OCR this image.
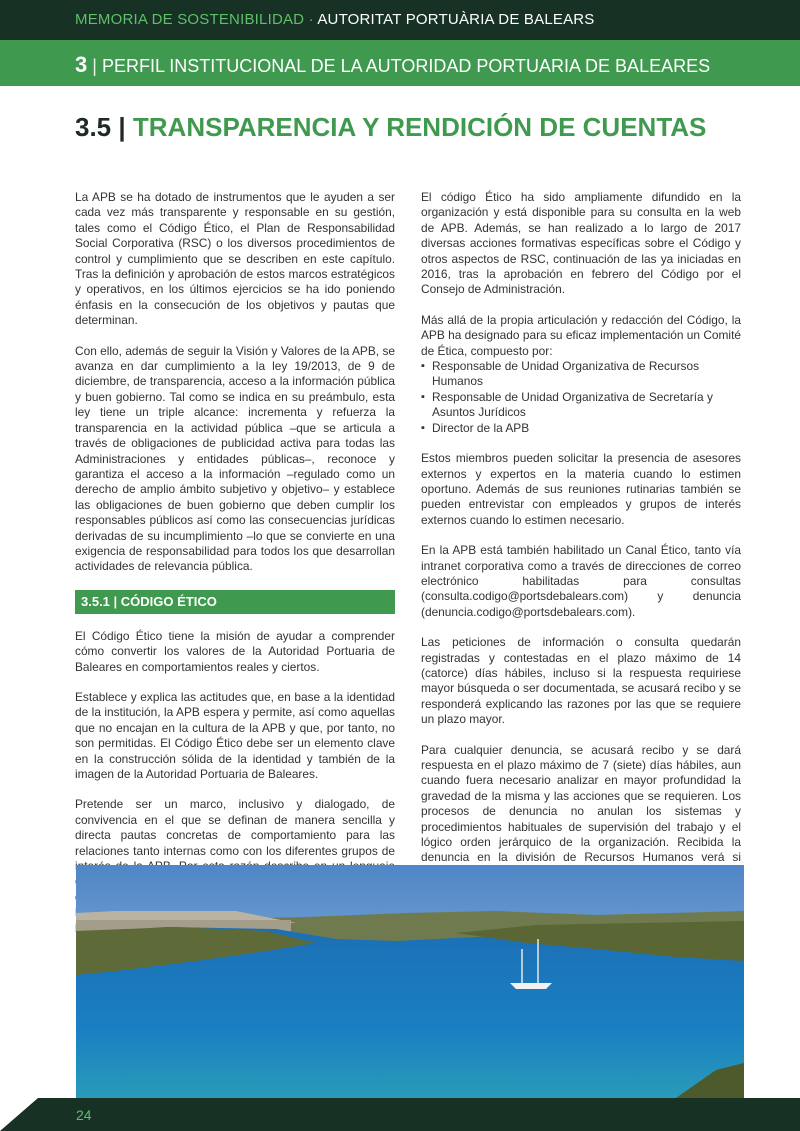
MEMORIA DE SOSTENIBILIDAD · AUTORITAT PORTUÀRIA DE BALEARS
3 | PERFIL INSTITUCIONAL DE LA AUTORIDAD PORTUARIA DE BALEARES
3.5 | TRANSPARENCIA Y RENDICIÓN DE CUENTAS

La APB se ha dotado de instrumentos que le ayuden a ser cada vez más transparente y responsable en su gestión, tales como el Código Ético, el Plan de Responsabilidad Social Corporativa (RSC) o los diversos procedimientos de control y cumplimiento que se describen en este capítulo. Tras la definición y aprobación de estos marcos estratégicos y operativos, en los últimos ejercicios se ha ido poniendo énfasis en la consecución de los objetivos y pautas que determinan.

Con ello, además de seguir la Visión y Valores de la APB, se avanza en dar cumplimiento a la ley 19/2013, de 9 de diciembre, de transparencia, acceso a la información pública y buen gobierno. Tal como se indica en su preámbulo, esta ley tiene un triple alcance: incrementa y refuerza la transparencia en la actividad pública –que se articula a través de obligaciones de publicidad activa para todas las Administraciones y entidades públicas–, reconoce y garantiza el acceso a la información –regulado como un derecho de amplio ámbito subjetivo y objetivo– y establece las obligaciones de buen gobierno que deben cumplir los responsables públicos así como las consecuencias jurídicas derivadas de su incumplimiento –lo que se convierte en una exigencia de responsabilidad para todos los que desarrollan actividades de relevancia pública.

3.5.1 | CÓDIGO ÉTICO

El Código Ético tiene la misión de ayudar a comprender cómo convertir los valores de la Autoridad Portuaria de Baleares en comportamientos reales y ciertos.

Establece y explica las actitudes que, en base a la identidad de la institución, la APB espera y permite, así como aquellas que no encajan en la cultura de la APB y que, por tanto, no son permitidas. El Código Ético debe ser un elemento clave en la construcción sólida de la identidad y también de la imagen de la Autoridad Portuaria de Baleares.

Pretende ser un marco, inclusivo y dialogado, de convivencia en el que se definan de manera sencilla y directa pautas concretas de comportamiento para las relaciones tanto internas como con los diferentes grupos de

El código Ético ha sido ampliamente difundido en la organización y está disponible para su consulta en la web de APB. Además, se han realizado a lo largo de 2017 diversas acciones formativas específicas sobre el Código y otros aspectos de RSC, continuación de las ya iniciadas en 2016, tras la aprobación en febrero del Código por el Consejo de Administración.

Más allá de la propia articulación y redacción del Código, la APB ha designado para su eficaz implementación un Comité de Ética, compuesto por:

▪ Responsable de Unidad Organizativa de Recursos Humanos
▪ Responsable de Unidad Organizativa de Secretaría y Asuntos Jurídicos
▪ Director de la APB

Estos miembros pueden solicitar la presencia de asesores externos y expertos en la materia cuando lo estimen oportuno. Además de sus reuniones rutinarias también se pueden entrevistar con empleados y grupos de interés externos cuando lo estimen necesario.

En la APB está también habilitado un Canal Ético, tanto vía intranet corporativa como a través de direcciones de correo electrónico habilitadas para consultas (consulta.codigo@portsdebalears.com) y denuncia (denuncia.codigo@portsdebalears.com).

Las peticiones de información o consulta quedarán registradas y contestadas en el plazo máximo de 14 (catorce) días hábiles, incluso si la respuesta requiriese mayor búsqueda o ser documentada, se acusará recibo y se responderá explicando las razones por las que se requiere un plazo mayor.

Para cualquier denuncia, se acusará recibo y se dará respuesta en el plazo máximo de 7 (siete) días hábiles, aun cuando fuera necesario analizar en mayor profundidad la gravedad de la misma y las acciones que se requieren. Los procesos de denuncia no anulan los sistemas y procedimientos habituales de supervisión del trabajo y el lógico orden jerárquico de la organización. Recibida la denuncia en la división de Recursos Humanos verá si

24
